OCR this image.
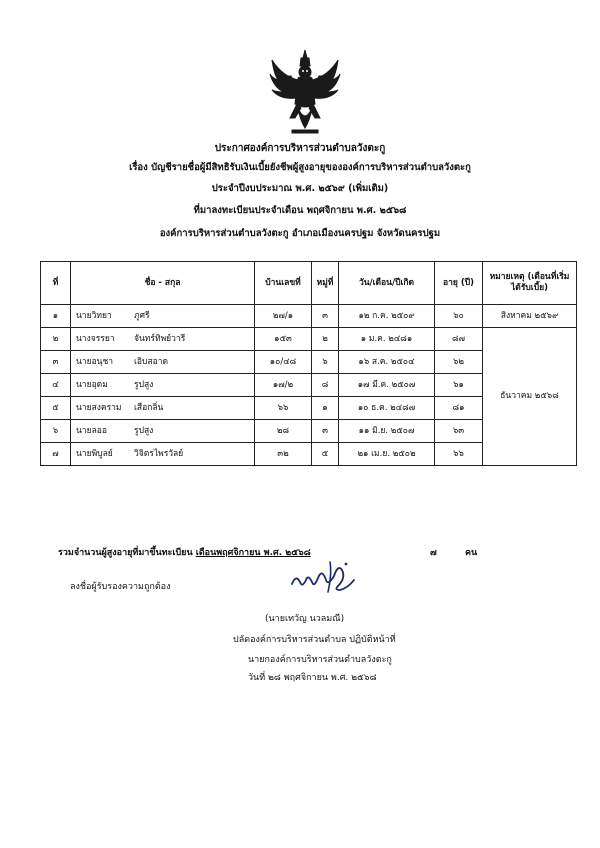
ประกาศองค์การบริหารส่วนตำบลวังตะกู
เรื่อง บัญชีรายชื่อผู้มีสิทธิรับเงินเบี้ยยังชีพผู้สูงอายุขององค์การบริหารส่วนตำบลวังตะกู
ประจำปีงบประมาณ พ.ศ. ๒๕๖๙ (เพิ่มเติม)
ที่มาลงทะเบียนประจำเดือน พฤศจิกายน พ.ศ. ๒๕๖๘
องค์การบริหารส่วนตำบลวังตะกู อำเภอเมืองนครปฐม จังหวัดนครปฐม
ที่	ชื่อ - สกุล	บ้านเลขที่	หมู่ที่	วัน/เดือน/ปีเกิด	อายุ (ปี)	หมายเหตุ (เดือนที่เริ่มได้รับเบี้ย)
๑	นายวิทยา ภูศรี	๒๗/๑	๓	๑๒ ก.ค. ๒๕๐๙	๖๐	สิงหาคม ๒๕๖๙
๒	นางจรรยา จันทร์ทิพย์วารี	๑๕๓	๒	๑ ม.ค. ๒๔๘๑	๘๗	ธันวาคม ๒๕๖๘
๓	นายอนุชา เอิบสอาด	๑๐/๔๘	๖	๑๖ ส.ค. ๒๕๐๔	๖๒	
๔	นายอุดม รูปสูง	๑๗/๒	๘	๑๗ มี.ค. ๒๕๐๗	๖๑	
๕	นายสงคราม เสือกลิ่น	๖๖	๑	๑๐ ธ.ค. ๒๔๘๗	๘๑	
๖	นายลออ รูปสูง	๒๘	๓	๑๑ มิ.ย. ๒๕๐๗	๖๓	
๗	นายพิบูลย์ วิจิตรไพรวัลย์	๓๒	๕	๒๑ เม.ย. ๒๕๐๒	๖๖	
รวมจำนวนผู้สูงอายุที่มาขึ้นทะเบียน เดือนพฤศจิกายน พ.ศ. ๒๕๖๘	๗	คน
ลงชื่อผู้รับรองความถูกต้อง
(นายเทวัญ นวลมณี)
ปลัดองค์การบริหารส่วนตำบล ปฏิบัติหน้าที่
นายกองค์การบริหารส่วนตำบลวังตะกู
วันที่ ๒๘ พฤศจิกายน พ.ศ. ๒๕๖๘
